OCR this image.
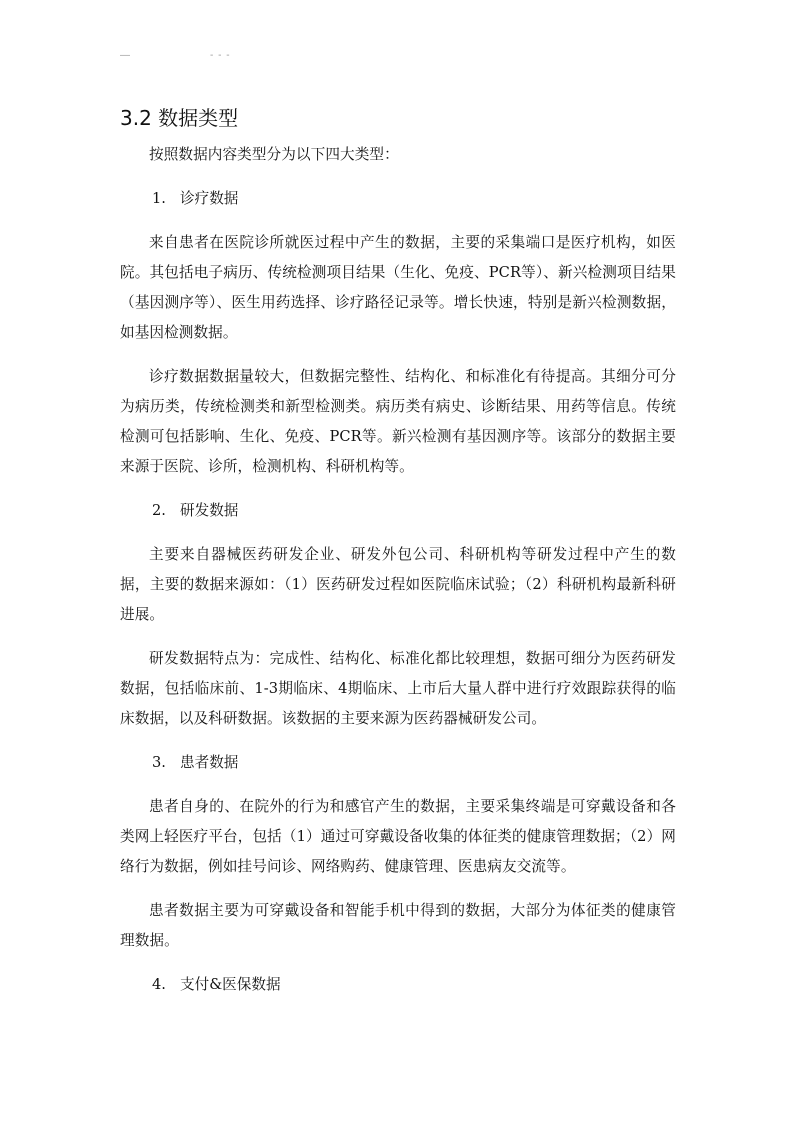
—	- - -
3.2 数据类型

按照数据内容类型分为以下四大类型：

1. 诊疗数据

来自患者在医院诊所就医过程中产生的数据，主要的采集端口是医疗机构，如医院。其包括电子病历、传统检测项目结果（生化、免疫、PCR等）、新兴检测项目结果（基因测序等）、医生用药选择、诊疗路径记录等。增长快速，特别是新兴检测数据，如基因检测数据。

诊疗数据数据量较大，但数据完整性、结构化、和标准化有待提高。其细分可分为病历类，传统检测类和新型检测类。病历类有病史、诊断结果、用药等信息。传统检测可包括影响、生化、免疫、PCR等。新兴检测有基因测序等。该部分的数据主要来源于医院、诊所，检测机构、科研机构等。

2. 研发数据

主要来自器械医药研发企业、研发外包公司、科研机构等研发过程中产生的数据，主要的数据来源如：（1）医药研发过程如医院临床试验；（2）科研机构最新科研进展。

研发数据特点为：完成性、结构化、标准化都比较理想，数据可细分为医药研发数据，包括临床前、1-3期临床、4期临床、上市后大量人群中进行疗效跟踪获得的临床数据，以及科研数据。该数据的主要来源为医药器械研发公司。

3. 患者数据

患者自身的、在院外的行为和感官产生的数据，主要采集终端是可穿戴设备和各类网上轻医疗平台，包括（1）通过可穿戴设备收集的体征类的健康管理数据；（2）网络行为数据，例如挂号问诊、网络购药、健康管理、医患病友交流等。

患者数据主要为可穿戴设备和智能手机中得到的数据，大部分为体征类的健康管理数据。

4. 支付&医保数据
